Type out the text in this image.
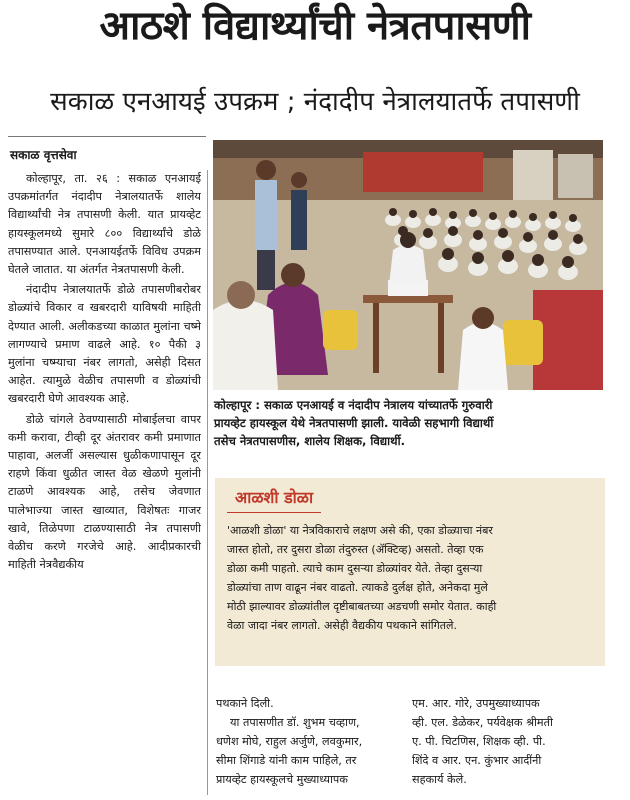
आठशे विद्यार्थ्यांची नेत्रतपासणी
सकाळ एनआयई उपक्रम ; नंदादीप नेत्रालयातर्फे तपासणी
सकाळ वृत्तसेवा

कोल्हापूर, ता. २६ : सकाळ एनआयई उपक्रमांतर्गत नंदादीप नेत्रालयातर्फे शालेय विद्यार्थ्यांची नेत्र तपासणी केली. यात प्रायव्हेट हायस्कूलमध्ये सुमारे ८०० विद्यार्थ्यांचे डोळे तपासण्यात आले. एनआयईतर्फे विविध उपक्रम घेतले जातात. या अंतर्गत नेत्रतपासणी केली.

नंदादीप नेत्रालयातर्फे डोळे तपासणीबरोबर डोळ्यांचे विकार व खबरदारी याविषयी माहिती देण्यात आली. अलीकडच्या काळात मुलांना चष्मे लागण्याचे प्रमाण वाढले आहे. १० पैकी ३ मुलांना चष्म्याचा नंबर लागतो, असेही दिसत आहेत. त्यामुळे वेळीच तपासणी व डोळ्यांची खबरदारी घेणे आवश्यक आहे.

डोळे चांगले ठेवण्यासाठी मोबाईलचा वापर कमी करावा, टीव्ही दूर अंतरावर कमी प्रमाणात पाहावा, अलर्जी असल्यास धुळीकणापासून दूर राहणे किंवा धुळीत जास्त वेळ खेळणे मुलांनी टाळणे आवश्यक आहे, तसेच जेवणात पालेभाज्या जास्त खाव्यात, विशेषतः गाजर खावे, तिळेपणा टाळण्यासाठी नेत्र तपासणी वेळीच करणे गरजेचे आहे. आदीप्रकारची माहिती नेत्रवैद्यकीय

कोल्हापूर : सकाळ एनआयई व नंदादीप नेत्रालय यांच्यातर्फे गुरुवारी
प्रायव्हेट हायस्कूल येथे नेत्रतपासणी झाली. यावेळी सहभागी विद्यार्थी
तसेच नेत्रतपासणीस, शालेय शिक्षक, विद्यार्थी.
आळशी डोळा
'आळशी डोळा' या नेत्रविकाराचे लक्षण असे की, एका डोळ्याचा नंबर
जास्त होतो, तर दुसरा डोळा तंदुरुस्त (ॲक्टिव्ह) असतो. तेव्हा एक
डोळा कमी पाहतो. त्याचे काम दुसऱ्या डोळ्यांवर येते. तेव्हा दुसऱ्या
डोळ्यांचा ताण वाढून नंबर वाढतो. त्याकडे दुर्लक्ष होते, अनेकदा मुले
मोठी झाल्यावर डोळ्यांतील दृष्टीबाबतच्या अडचणी समोर येतात. काही
वेळा जादा नंबर लागतो. असेही वैद्यकीय पथकाने सांगितले.
पथकाने दिली.
या तपासणीत डॉ. शुभम चव्हाण,
धणेश मोघे, राहुल अर्जुणे, लवकुमार,
सीमा शिंगाडे यांनी काम पाहिले, तर
प्रायव्हेट हायस्कूलचे मुख्याध्यापक
एम. आर. गोरे, उपमुख्याध्यापक
व्ही. एल. डेळेकर, पर्यवेक्षक श्रीमती
ए. पी. चिटणिस, शिक्षक व्ही. पी.
शिंदे व आर. एन. कुंभार आदींनी
सहकार्य केले.
